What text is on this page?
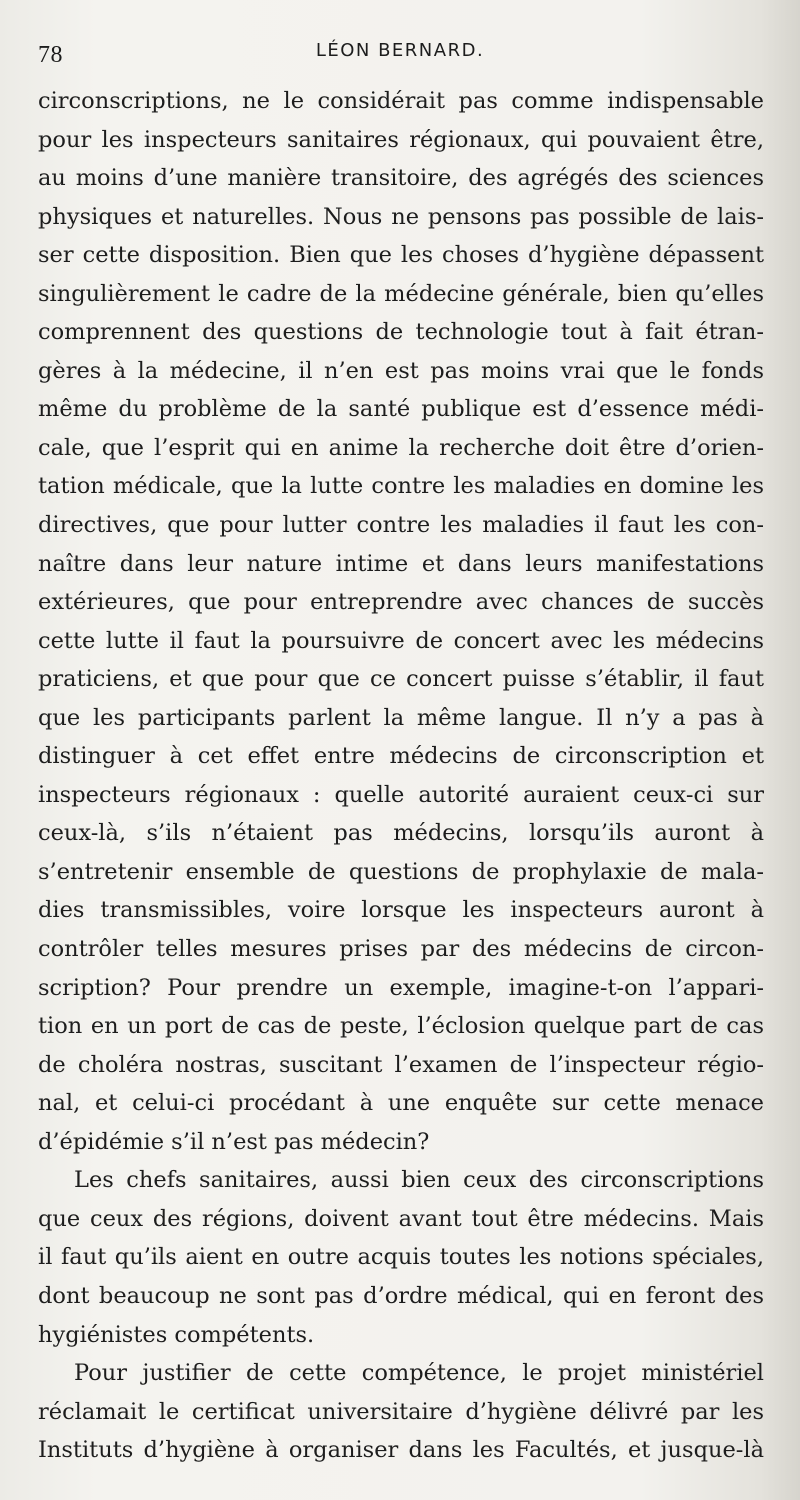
78	LÉON BERNARD.
circonscriptions, ne le considérait pas comme indispensable
pour les inspecteurs sanitaires régionaux, qui pouvaient être,
au moins d’une manière transitoire, des agrégés des sciences
physiques et naturelles. Nous ne pensons pas possible de lais-
ser cette disposition. Bien que les choses d’hygiène dépassent
singulièrement le cadre de la médecine générale, bien qu’elles
comprennent des questions de technologie tout à fait étran-
gères à la médecine, il n’en est pas moins vrai que le fonds
même du problème de la santé publique est d’essence médi-
cale, que l’esprit qui en anime la recherche doit être d’orien-
tation médicale, que la lutte contre les maladies en domine les
directives, que pour lutter contre les maladies il faut les con-
naître dans leur nature intime et dans leurs manifestations
extérieures, que pour entreprendre avec chances de succès
cette lutte il faut la poursuivre de concert avec les médecins
praticiens, et que pour que ce concert puisse s’établir, il faut
que les participants parlent la même langue. Il n’y a pas à
distinguer à cet effet entre médecins de circonscription et
inspecteurs régionaux : quelle autorité auraient ceux-ci sur
ceux-là, s’ils n’étaient pas médecins, lorsqu’ils auront à
s’entretenir ensemble de questions de prophylaxie de mala-
dies transmissibles, voire lorsque les inspecteurs auront à
contrôler telles mesures prises par des médecins de circon-
scription? Pour prendre un exemple, imagine-t-on l’appari-
tion en un port de cas de peste, l’éclosion quelque part de cas
de choléra nostras, suscitant l’examen de l’inspecteur régio-
nal, et celui-ci procédant à une enquête sur cette menace
d’épidémie s’il n’est pas médecin?
Les chefs sanitaires, aussi bien ceux des circonscriptions
que ceux des régions, doivent avant tout être médecins. Mais
il faut qu’ils aient en outre acquis toutes les notions spéciales,
dont beaucoup ne sont pas d’ordre médical, qui en feront des
hygiénistes compétents.
Pour justifier de cette compétence, le projet ministériel
réclamait le certificat universitaire d’hygiène délivré par les
Instituts d’hygiène à organiser dans les Facultés, et jusque-là
